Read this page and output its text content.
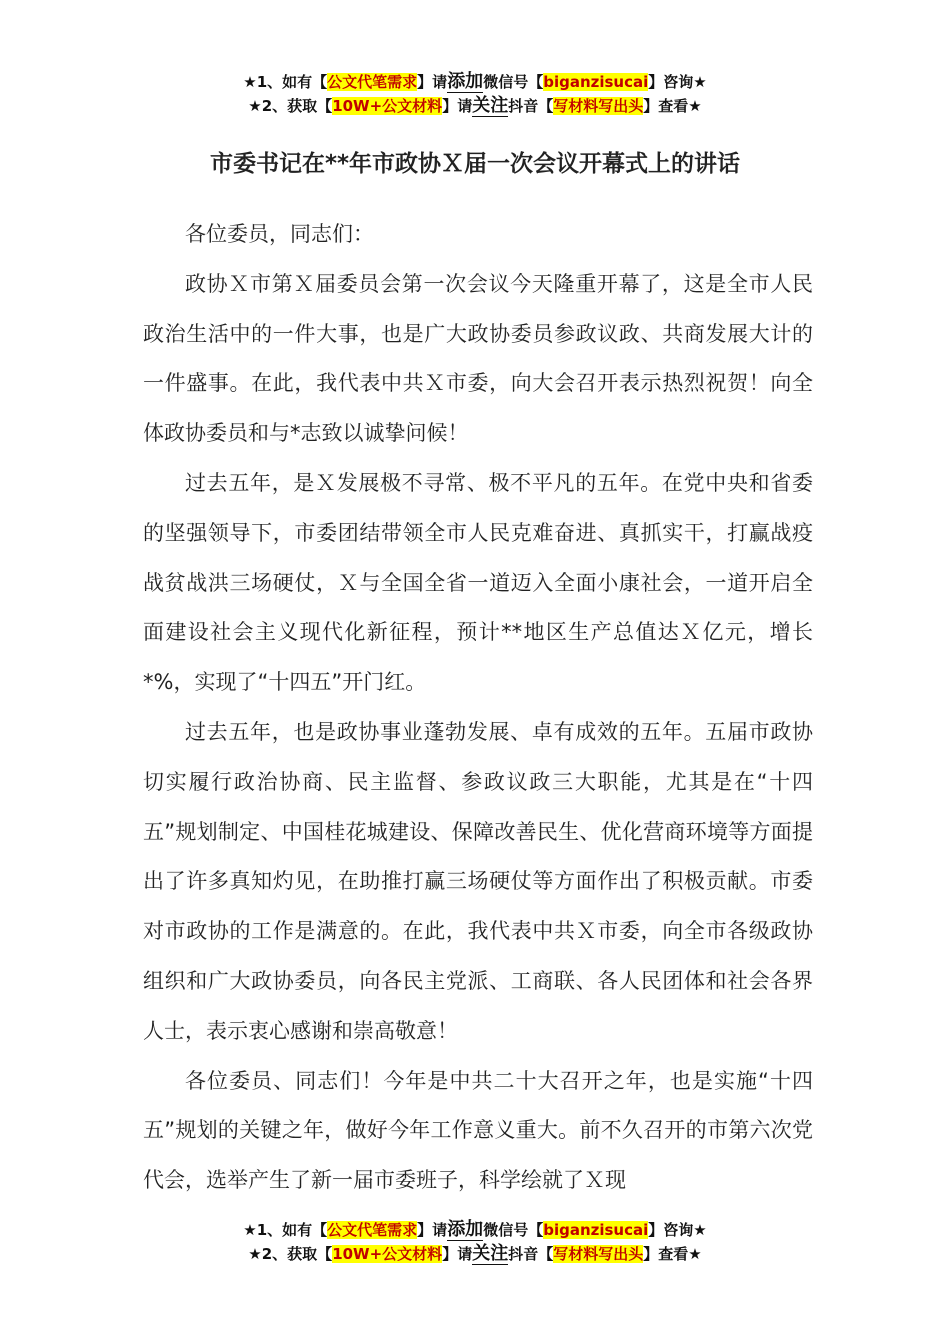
★1、如有【公文代笔需求】请添加微信号【biganzisucai】咨询★
★2、获取【10W+公文材料】请关注抖音【写材料写出头】查看★
市委书记在**年市政协Ｘ届一次会议开幕式上的讲话

各位委员，同志们：

政协Ｘ市第Ｘ届委员会第一次会议今天隆重开幕了，这是全市人民政治生活中的一件大事，也是广大政协委员参政议政、共商发展大计的一件盛事。在此，我代表中共Ｘ市委，向大会召开表示热烈祝贺！向全体政协委员和与*志致以诚挚问候！

过去五年，是Ｘ发展极不寻常、极不平凡的五年。在党中央和省委的坚强领导下，市委团结带领全市人民克难奋进、真抓实干，打赢战疫战贫战洪三场硬仗，Ｘ与全国全省一道迈入全面小康社会，一道开启全面建设社会主义现代化新征程，预计**地区生产总值达Ｘ亿元，增长*%，实现了“十四五”开门红。

过去五年，也是政协事业蓬勃发展、卓有成效的五年。五届市政协切实履行政治协商、民主监督、参政议政三大职能，尤其是在“十四五”规划制定、中国桂花城建设、保障改善民生、优化营商环境等方面提出了许多真知灼见，在助推打赢三场硬仗等方面作出了积极贡献。市委对市政协的工作是满意的。在此，我代表中共Ｘ市委，向全市各级政协组织和广大政协委员，向各民主党派、工商联、各人民团体和社会各界人士，表示衷心感谢和崇高敬意！

各位委员、同志们！今年是中共二十大召开之年，也是实施“十四五”规划的关键之年，做好今年工作意义重大。前不久召开的市第六次党代会，选举产生了新一届市委班子，科学绘就了Ｘ现

★1、如有【公文代笔需求】请添加微信号【biganzisucai】咨询★
★2、获取【10W+公文材料】请关注抖音【写材料写出头】查看★
